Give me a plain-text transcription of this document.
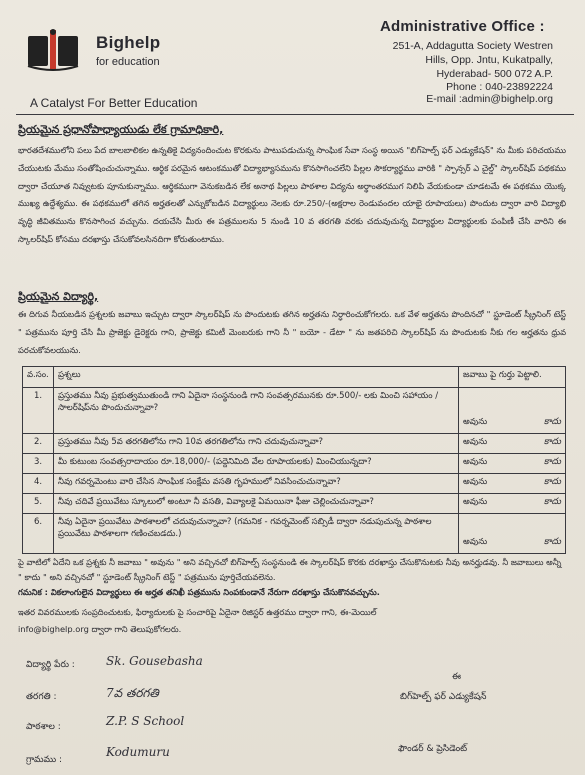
Bighelp
for education
A Catalyst For Better Education
Administrative Office :
251-A, Addagutta Society Westren
Hills, Opp. Jntu, Kukatpally,
Hyderabad- 500 072 A.P.
Phone : 040-23892224
E-mail :admin@bighelp.org
ప్రియమైన ప్రధానోపాధ్యాయుడు లేక గ్రామాధికారి,
భారతదేశములోని పలు పేద బాలబాలికల ఉన్నతికై విద్యనందించుట కొరకును పాటుపడుచున్న సాంఘిక సేవా సంస్థ అయిన "బిగ్‌హెల్ప్ ఫర్ ఎడ్యుకేషన్" ను మీకు పరిచయము చేయుటకు మేము సంతోషించుచున్నాము. ఆర్థిక పరమైన ఆటంకముతో విద్యాభ్యాసమును కొనసాగించలేని పిల్లల సౌకర్యార్థము వారికి " స్పాన్సర్ ఎ చైల్డ్" స్కాలర్‌షిప్ పథకము ద్వారా చేయూత నివ్వుటకు పూనుకున్నాము. ఆర్థికముగా వెనుకబడిన లేక అనాథ పిల్లలు పాఠశాల విద్యను అర్థాంతరముగ నిలిపి వేయకుండా చూడటమే ఈ పథకము యొక్క ముఖ్య ఉద్దేశ్యము. ఈ పథకములో తగిన అర్హతలతో ఎన్నుకోబడిన విద్యార్థులు నెలకు రూ.250/-(అక్షరాల రెండువందల యాభై రూపాయలు) పొందుట ద్వారా వారి విద్యాభి వృద్ధి జీవితమును కొనసాగించ వచ్చును. దయచేసి మీరు ఈ పత్రములను 5 నుండి 10 వ తరగతి వరకు చదువుచున్న విద్యార్థుల విద్యార్థులకు పంపిణీ చేసి వారిని ఈ స్కాలర్‌షిప్ కోసము దరఖాస్తు చేసుకోవలసినదిగా కోరుతుంటాము.
ప్రియమైన విద్యార్థి,
ఈ దిగువ నీయబడిన ప్రశ్నలకు జవాబు ఇచ్చుట ద్వారా స్కాలర్‌షిప్ ను పొందుటకు తగిన అర్హతను నిర్ధారించుకోగలరు. ఒక వేళ అర్హతను పొందినచో " స్టూడెంట్ స్క్రీనింగ్ టెస్ట్ " పత్రమును పూర్తి చేసి మీ ప్రాజెక్టు డైరెక్టరు గాని, ప్రాజెక్టు కమిటీ మెంబరుకు గాని నీ " బయో - డేటా " ను జతపరిచి స్కాలర్‌షిప్ ను పొందుటకు నీకు గల అర్హతను ధ్రువ పరచుకోవలయును.
వ.సం.	ప్రశ్నలు	జవాబు పై గుర్తు పెట్టాలి.
1.	ప్రస్తుతము నీవు ప్రభుత్వముతుండి గాని ఏదైనా సంస్థనుండి గాని సంవత్సరమునకు రూ.500/- లకు మించి సహాయం / సాలర్‌షిప్‌ను పొందుచున్నావా?	అవును కాదు

2.	ప్రస్తుతము నీవు 5వ తరగతిలోను గాని 10వ తరగతిలోను గాని చదువుచున్నావా?	అవును కాదు

3.	మీ కుటుంబ సంవత్సరాదాయం రూ.18,000/- (పద్దెనిమిది వేల రూపాయలకు) మించియున్నదా?	అవును కాదు

4.	నీవు గవర్నమెంటు వారి చేసిన సాంఘిక సంక్షేమ వసతి గృహములో నివసించుచున్నావా?	అవును కాదు

5.	నీవు చదివే ప్రయివేటు స్కూలులో అంటూ నీ వసతి, వివ్యాలకై ఏమయినా ఫీజు చెల్లించుచున్నావా?	అవును కాదు

6.	నీవు ఏదైనా ప్రయివేటు పాఠశాలలో చదువుచున్నావా? (గమనిక - గవర్నమెంట్ సబ్సిడీ ద్వారా నడుపుచున్న పాఠశాల ప్రయివేటు పాఠశాలగా గణించబడదు.)	అవును కాదు
పై వాటిలో ఏదేని ఒక ప్రశ్నకు నీ జవాబు " అవును " అని వచ్చినచో బిగ్‌హెల్ప్ సంస్థనుండి ఈ స్కాలర్‌షిప్ కొరకు దరఖాస్తు చేసుకొనుటకు నీవు అనర్హుడవు. నీ జవాబులు అన్నీ " కాదు " అని వచ్చినచో " స్టూడెంట్ స్క్రీనింగ్ టెస్ట్ " పత్రమును పూర్తిచేయవలెను.
గమనిక : వికలాంగులైన విద్యార్థులు ఈ అర్హత తనిఖీ పత్రమును నింపకుండానే నేరుగా దరఖాస్తు చేసుకొనవచ్చును.
ఇతర వివరములకు సంప్రదించుటకు, ఫిర్యాదులకు పై సంచారిపై ఏదైనా రిజిస్టర్ ఉత్తరము ద్వారా గాని, ఈ-మెయిల్
info@bighelp.org ద్వారా గాని తెలుపుకోగలరు.
విద్యార్థి పేరు :	Sk. Gousebasha
తరగతి :	7వ తరగతి
పాఠశాల :	Z.P. S School
గ్రామము :
Kodumuru
ఈ
బిగ్‌హెల్ప్ ఫర్ ఎడ్యుకేషన్
ఫౌండర్ & ప్రెసిడెంట్
